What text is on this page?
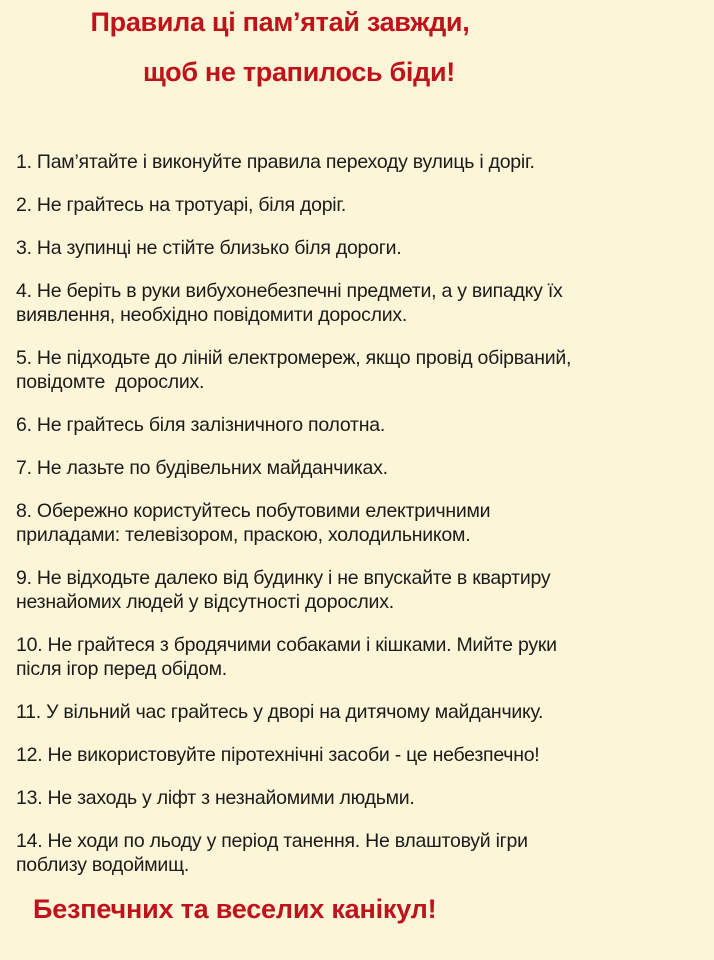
Правила ці пам’ятай завжди,
щоб не трапилось біди!
1. Пам’ятайте і виконуйте правила переходу вулиць і доріг.
2. Не грайтесь на тротуарі, біля доріг.
3. На зупинці не стійте близько біля дороги.
4. Не беріть в руки вибухонебезпечні предмети, а у випадку їх
виявлення, необхідно повідомити дорослих.
5. Не підходьте до ліній електромереж, якщо провід обірваний,
повідомте  дорослих.
6. Не грайтесь біля залізничного полотна.
7. Не лазьте по будівельних майданчиках.
8. Обережно користуйтесь побутовими електричними
приладами: телевізором, праскою, холодильником.
9. Не відходьте далеко від будинку і не впускайте в квартиру
незнайомих людей у відсутності дорослих.
10. Не грайтеся з бродячими собаками і кішками. Мийте руки
після ігор перед обідом.
11. У вільний час грайтесь у дворі на дитячому майданчику.
12. Не використовуйте піротехнічні засоби - це небезпечно!
13. Не заходь у ліфт з незнайомими людьми.
14. Не ходи по льоду у період танення. Не влаштовуй ігри
поблизу водоймищ.
Безпечних та веселих канікул!
